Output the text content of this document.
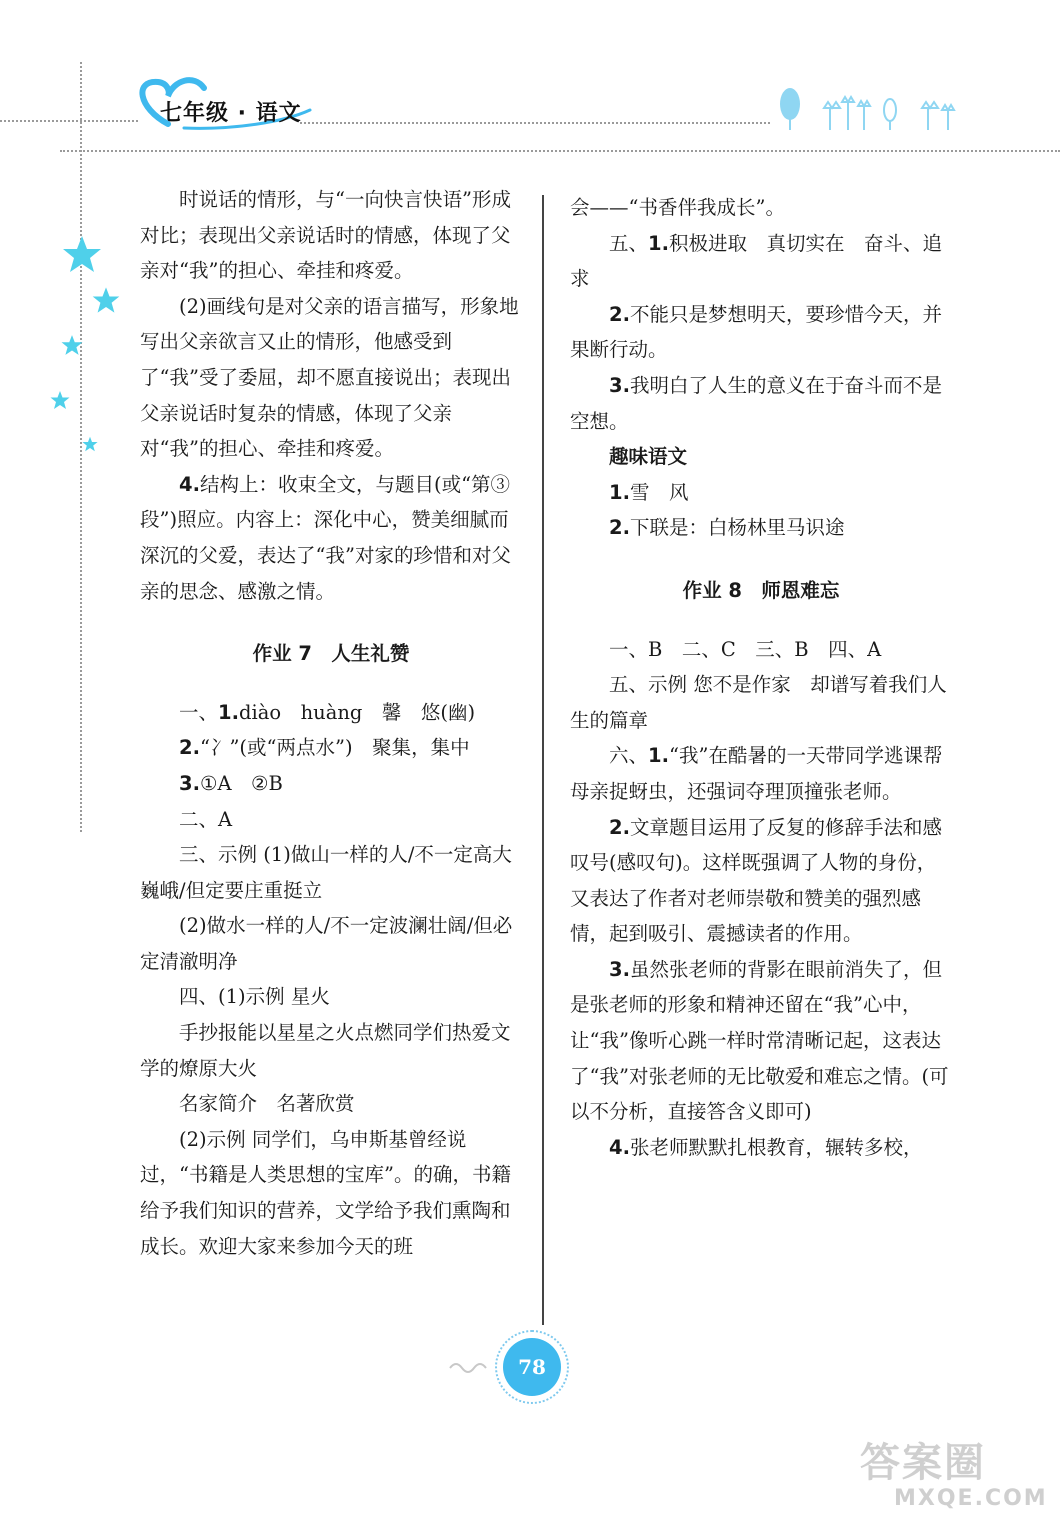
七年级 · 语文

时说话的情形，与“一向快言快语”形成对比；表现出父亲说话时的情感，体现了父亲对“我”的担心、牵挂和疼爱。

(2)画线句是对父亲的语言描写，形象地写出父亲欲言又止的情形，他感受到了“我”受了委屈，却不愿直接说出；表现出父亲说话时复杂的情感，体现了父亲对“我”的担心、牵挂和疼爱。

4.结构上：收束全文，与题目(或“第③段”)照应。内容上：深化中心，赞美细腻而深沉的父爱，表达了“我”对家的珍惜和对父亲的思念、感激之情。

作业 7　人生礼赞

一、1.diào　huàng　馨　悠(幽)

2.“冫”(或“两点水”)　聚集，集中

3.①A　②B

二、A

三、示例 (1)做山一样的人/不一定高大巍峨/但定要庄重挺立

(2)做水一样的人/不一定波澜壮阔/但必定清澈明净

四、(1)示例 星火

手抄报能以星星之火点燃同学们热爱文学的燎原大火

名家简介　名著欣赏

(2)示例 同学们，乌申斯基曾经说过，“书籍是人类思想的宝库”。的确，书籍给予我们知识的营养，文学给予我们熏陶和成长。欢迎大家来参加今天的班

会——“书香伴我成长”。

五、1.积极进取　真切实在　奋斗、追求

2.不能只是梦想明天，要珍惜今天，并果断行动。

3.我明白了人生的意义在于奋斗而不是空想。

趣味语文

1.雪　风

2.下联是：白杨林里马识途

作业 8　师恩难忘

一、B　二、C　三、B　四、A

五、示例 您不是作家　却谱写着我们人生的篇章

六、1.“我”在酷暑的一天带同学逃课帮母亲捉蚜虫，还强词夺理顶撞张老师。

2.文章题目运用了反复的修辞手法和感叹号(感叹句)。这样既强调了人物的身份，又表达了作者对老师崇敬和赞美的强烈感情，起到吸引、震撼读者的作用。

3.虽然张老师的背影在眼前消失了，但是张老师的形象和精神还留在“我”心中，让“我”像听心跳一样时常清晰记起，这表达了“我”对张老师的无比敬爱和难忘之情。(可以不分析，直接答含义即可)

4.张老师默默扎根教育，辗转多校，

78
答案圈
MXQE.COM
